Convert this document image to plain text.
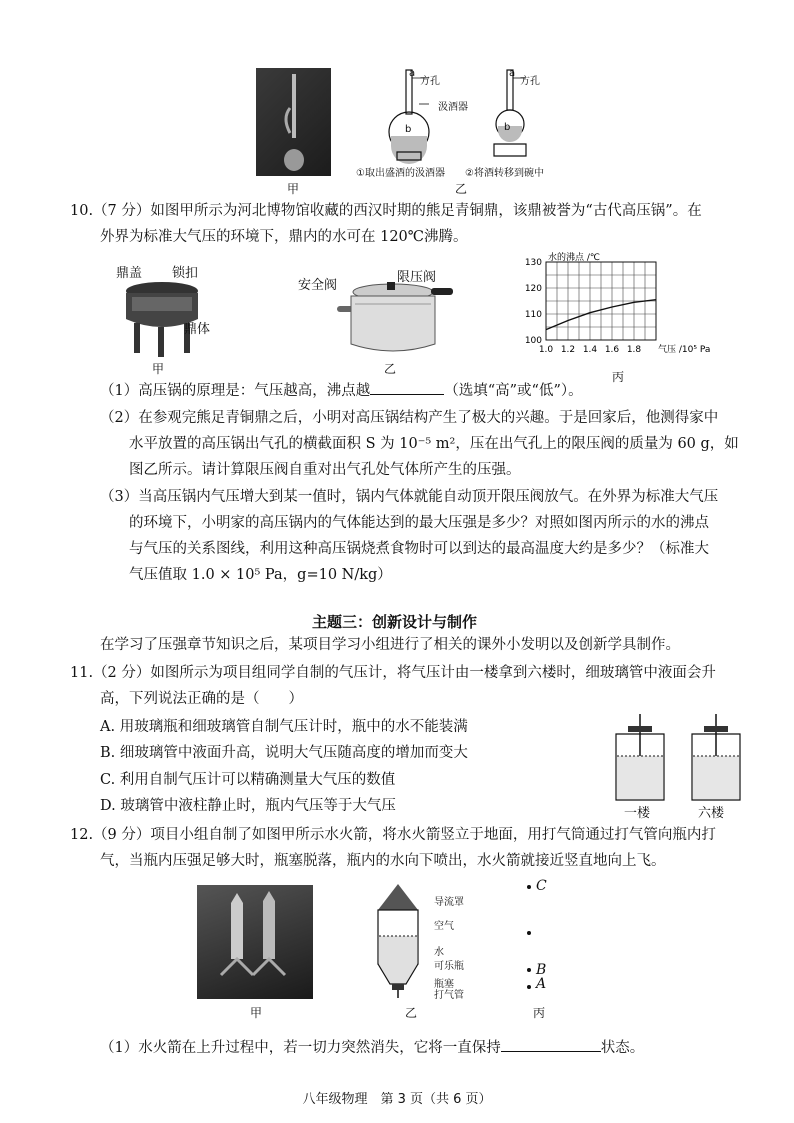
甲
a
方孔
汲酒器
b
a
方孔
b
①取出盛酒的汲酒器 ②将酒转移到碗中
乙
10.（7 分）如图甲所示为河北博物馆收藏的西汉时期的熊足青铜鼎，该鼎被誉为“古代高压锅”。在
外界为标准大气压的环境下，鼎内的水可在 120℃沸腾。
鼎盖 锁扣
鼎体
甲
安全阀
限压阀
乙
1.0 1.2 1.4 1.6 1.8
100
110
120
130 水的沸点 /℃
气压 /10⁵ Pa
丙
（1）高压锅的原理是：气压越高，沸点越	（选填“高”或“低”）。
（2）在参观完熊足青铜鼎之后，小明对高压锅结构产生了极大的兴趣。于是回家后，他测得家中
水平放置的高压锅出气孔的横截面积 S 为 10⁻⁵ m²，压在出气孔上的限压阀的质量为 60 g，如
图乙所示。请计算限压阀自重对出气孔处气体所产生的压强。
（3）当高压锅内气压增大到某一值时，锅内气体就能自动顶开限压阀放气。在外界为标准大气压
的环境下，小明家的高压锅内的气体能达到的最大压强是多少？对照如图丙所示的水的沸点
与气压的关系图线，利用这种高压锅烧煮食物时可以到达的最高温度大约是多少？（标准大
气压值取 1.0 × 10⁵ Pa，g=10 N/kg）
主题三：创新设计与制作
在学习了压强章节知识之后，某项目学习小组进行了相关的课外小发明以及创新学具制作。
11.（2 分）如图所示为项目组同学自制的气压计，将气压计由一楼拿到六楼时，细玻璃管中液面会升
高，下列说法正确的是（　　）
A. 用玻璃瓶和细玻璃管自制气压计时，瓶中的水不能装满
B. 细玻璃管中液面升高，说明大气压随高度的增加而变大
C. 利用自制气压计可以精确测量大气压的数值
D. 玻璃管中液柱静止时，瓶内气压等于大气压	一楼	六楼
12.（9 分）项目小组自制了如图甲所示水火箭，将水火箭竖立于地面，用打气筒通过打气管向瓶内打
气，当瓶内压强足够大时，瓶塞脱落，瓶内的水向下喷出，水火箭就接近竖直地向上飞。
甲
导流罩
空气
水
可乐瓶
瓶塞
打气管
乙
C
B
A
丙
（1）水火箭在上升过程中，若一切力突然消失，它将一直保持	状态。
八年级物理　第 3 页（共 6 页）
